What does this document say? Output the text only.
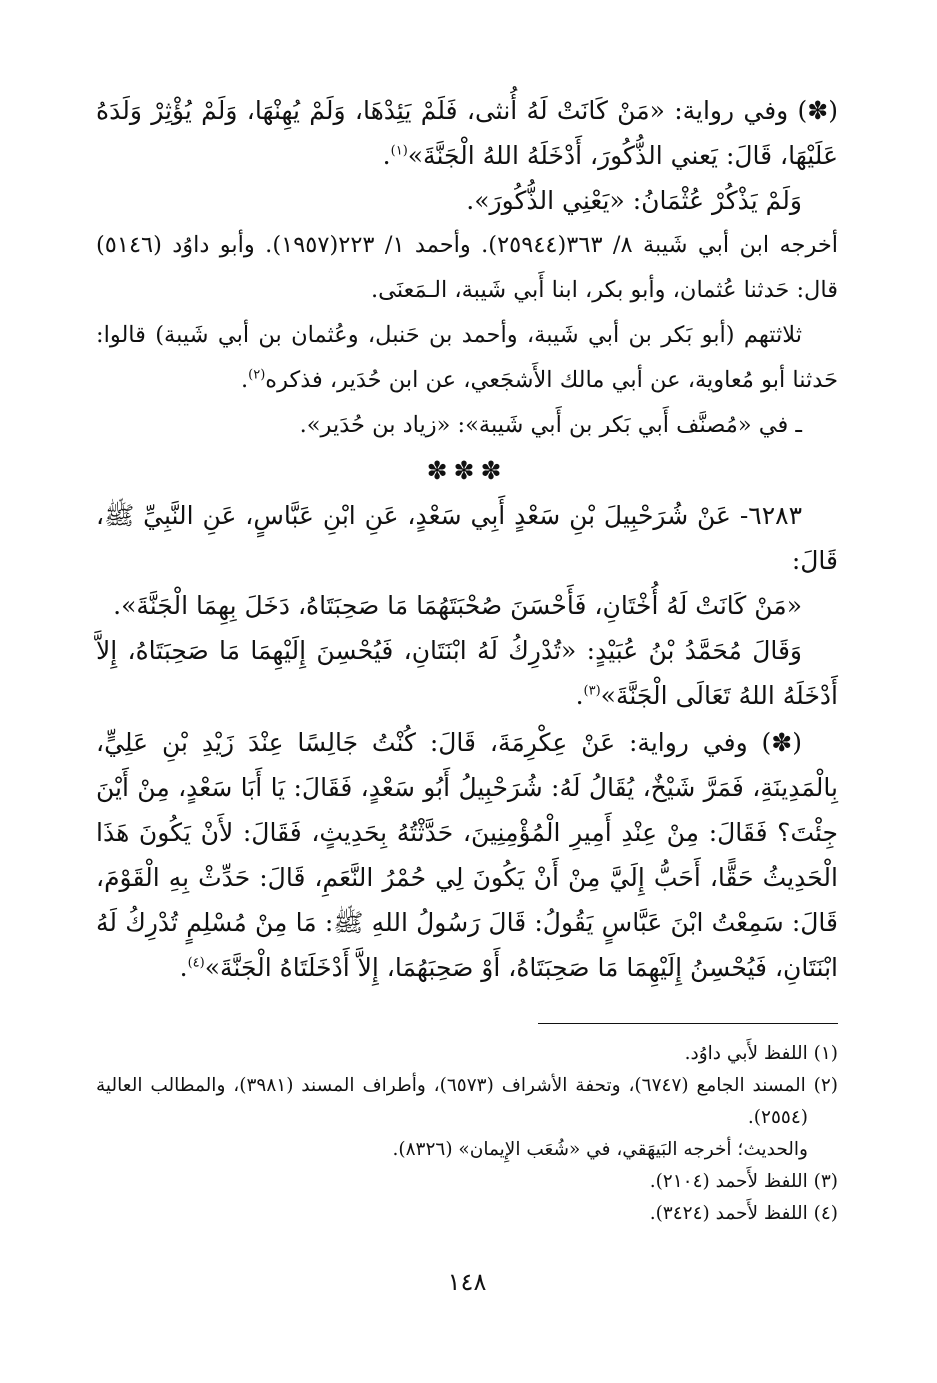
(✽) وفي رواية: «مَنْ كَانَتْ لَهُ أُنثى، فَلَمْ يَئِدْهَا، وَلَمْ يُهِنْهَا، وَلَمْ يُؤْثِرْ وَلَدَهُ عَلَيْهَا، قَالَ: يَعني الذُّكُورَ، أَدْخَلَهُ اللهُ الْجَنَّةَ»$^{(١)}$.

وَلَمْ يَذْكُرْ عُثْمَانُ: «يَعْنِي الذُّكُورَ».

أخرجه ابن أبي شَيبة ٨/ ٣٦٣(٢٥٩٤٤). وأحمد ١/ ٢٢٣(١٩٥٧). وأبو داوُد (٥١٤٦) قال: حَدثنا عُثمان، وأبو بكر، ابنا أَبي شَيبة، الـمَعنَى.

ثلاثتهم (أبو بَكر بن أبي شَيبة، وأحمد بن حَنبل، وعُثمان بن أبي شَيبة) قالوا: حَدثنا أبو مُعاوية، عن أبي مالك الأَشجَعي، عن ابن حُدَير، فذكره$^{(٢)}$.

ـ في «مُصنَّف أَبي بَكر بن أَبي شَيبة»: «زياد بن حُدَير».

✽✽✽

٦٢٨٣- عَنْ شُرَحْبِيلَ بْنِ سَعْدٍ أَبِي سَعْدٍ، عَنِ ابْنِ عَبَّاسٍ، عَنِ النَّبِيِّ ﷺ، قَالَ:

«مَنْ كَانَتْ لَهُ أُخْتَانِ، فَأَحْسَنَ صُحْبَتَهُمَا مَا صَحِبَتَاهُ، دَخَلَ بِهِمَا الْجَنَّةَ».

وَقَالَ مُحَمَّدُ بْنُ عُبَيْدٍ: «تُدْرِكُ لَهُ ابْنَتَانِ، فَيُحْسِنَ إِلَيْهِمَا مَا صَحِبَتَاهُ، إِلاَّ أَدْخَلَهُ اللهُ تَعَالَى الْجَنَّةَ»$^{(٣)}$.

(✽) وفي رواية: عَنْ عِكْرِمَةَ، قَالَ: كُنْتُ جَالِسًا عِنْدَ زَيْدِ بْنِ عَلِيٍّ، بِالْمَدِينَةِ، فَمَرَّ شَيْخٌ، يُقَالُ لَهُ: شُرَحْبِيلُ أَبُو سَعْدٍ، فَقَالَ: يَا أَبَا سَعْدٍ، مِنْ أَيْنَ جِئْتَ؟ فَقَالَ: مِنْ عِنْدِ أَمِيرِ الْمُؤْمِنِينَ، حَدَّثْتُهُ بِحَدِيثٍ، فَقَالَ: لأَنْ يَكُونَ هَذَا الْحَدِيثُ حَقًّا، أَحَبُّ إِلَيَّ مِنْ أَنْ يَكُونَ لِي حُمْرُ النَّعَمِ، قَالَ: حَدِّثْ بِهِ الْقَوْمَ، قَالَ: سَمِعْتُ ابْنَ عَبَّاسٍ يَقُولُ: قَالَ رَسُولُ اللهِ ﷺ: مَا مِنْ مُسْلِمٍ تُدْرِكُ لَهُ ابْنَتَانِ، فَيُحْسِنُ إِلَيْهِمَا مَا صَحِبَتَاهُ، أَوْ صَحِبَهُمَا، إِلاَّ أَدْخَلَتَاهُ الْجَنَّةَ»$^{(٤)}$.

(١) اللفظ لأَبي داوُد.

(٢) المسند الجامع (٦٧٤٧)، وتحفة الأشراف (٦٥٧٣)، وأطراف المسند (٣٩٨١)، والمطالب العالية (٢٥٥٤).

والحديث؛ أخرجه البَيهَقي، في «شُعَب الإِيمان» (٨٣٢٦).

(٣) اللفظ لأَحمد (٢١٠٤).

(٤) اللفظ لأَحمد (٣٤٢٤).

١٤٨
